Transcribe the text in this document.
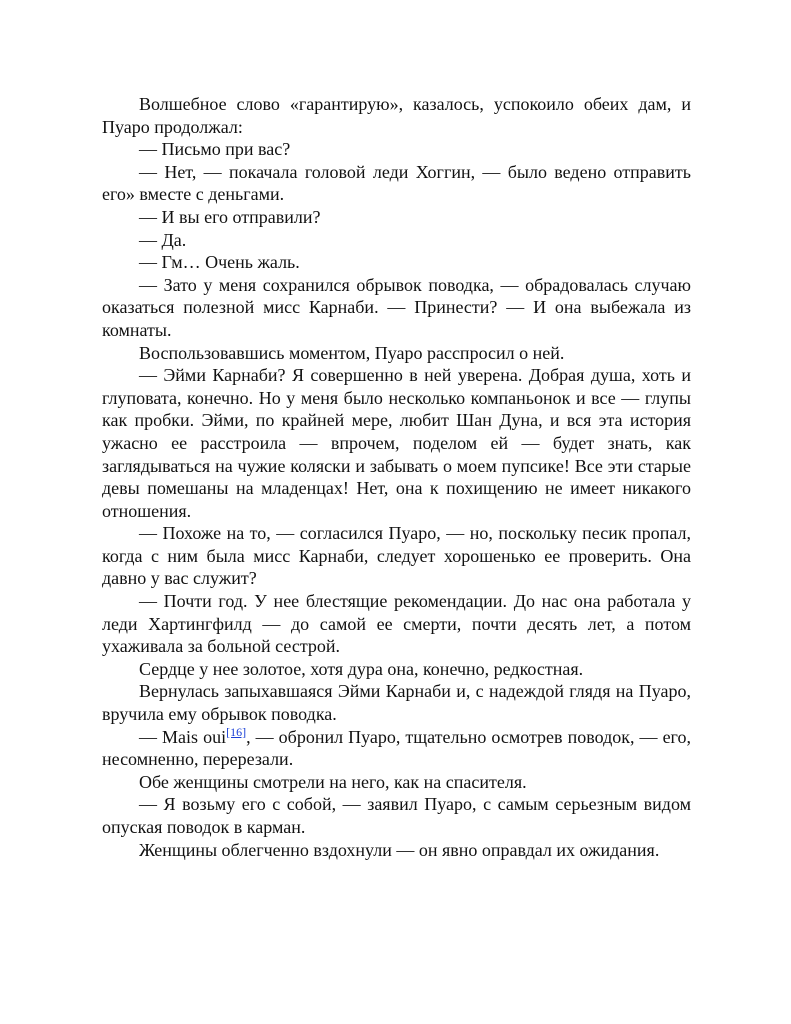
Волшебное слово «гарантирую», казалось, успокоило обеих дам, и Пуаро продолжал:

— Письмо при вас?

— Нет, — покачала головой леди Хоггин, — было ведено отправить его» вместе с деньгами.

— И вы его отправили?

— Да.

— Гм… Очень жаль.

— Зато у меня сохранился обрывок поводка, — обрадовалась случаю оказаться полезной мисс Карнаби. — Принести? — И она выбежала из комнаты.

Воспользовавшись моментом, Пуаро расспросил о ней.

— Эйми Карнаби? Я совершенно в ней уверена. Добрая душа, хоть и глуповата, конечно. Но у меня было несколько компаньонок и все — глупы как пробки. Эйми, по крайней мере, любит Шан Дуна, и вся эта история ужасно ее расстроила — впрочем, поделом ей — будет знать, как заглядываться на чужие коляски и забывать о моем пупсике! Все эти старые девы помешаны на младенцах! Нет, она к похищению не имеет никакого отношения.

— Похоже на то, — согласился Пуаро, — но, поскольку песик пропал, когда с ним была мисс Карнаби, следует хорошенько ее проверить. Она давно у вас служит?

— Почти год. У нее блестящие рекомендации. До нас она работала у леди Хартингфилд — до самой ее смерти, почти десять лет, а потом ухаживала за больной сестрой.

Сердце у нее золотое, хотя дура она, конечно, редкостная.

Вернулась запыхавшаяся Эйми Карнаби и, с надеждой глядя на Пуаро, вручила ему обрывок поводка.

— Mais oui[16], — обронил Пуаро, тщательно осмотрев поводок, — его, несомненно, перерезали.

Обе женщины смотрели на него, как на спасителя.

— Я возьму его с собой, — заявил Пуаро, с самым серьезным видом опуская поводок в карман.

Женщины облегченно вздохнули — он явно оправдал их ожидания.
